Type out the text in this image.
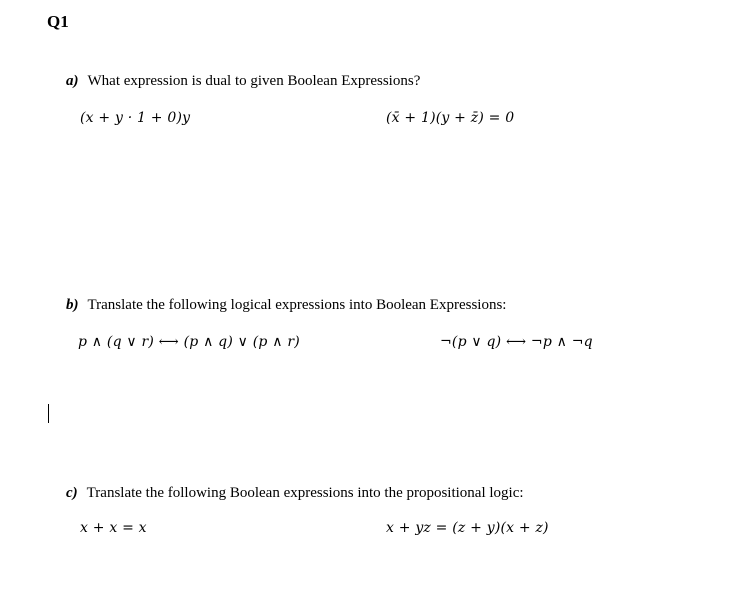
Q1
a) What expression is dual to given Boolean Expressions?
(x + y · 1 + 0)y	(x̄ + 1)(y + z̄) = 0
b) Translate the following logical expressions into Boolean Expressions:
p ∧ (q ∨ r) ⟷ (p ∧ q) ∨ (p ∧ r)	¬(p ∨ q) ⟷ ¬p ∧ ¬q
c) Translate the following Boolean expressions into the propositional logic:
x + x = x	x + yz = (z + y)(x + z)
